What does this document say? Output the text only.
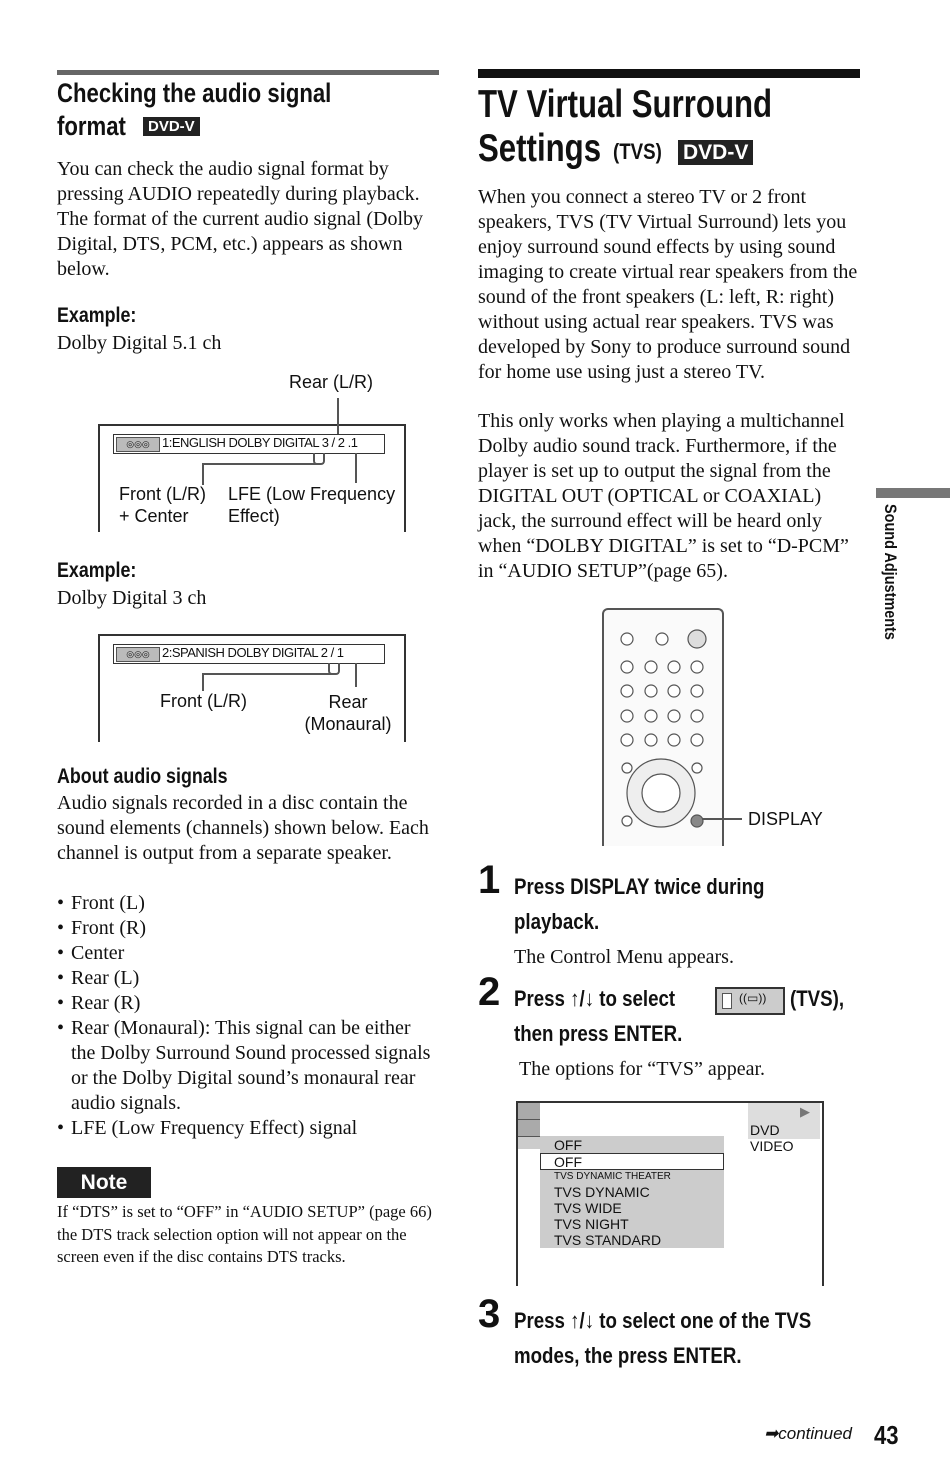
Checking the audio signal
format	DVD-V
You can check the audio signal format by pressing AUDIO repeatedly during playback. The format of the current audio signal (Dolby Digital, DTS, PCM, etc.) appears as shown below.
Example:
Dolby Digital 5.1 ch
Rear (L/R)
◎◎◎ 1:ENGLISH DOLBY DIGITAL 3 / 2 .1
Front (L/R)
+ Center
LFE (Low Frequency
Effect)
Example:
Dolby Digital 3 ch
◎◎◎ 2:SPANISH DOLBY DIGITAL 2 / 1
Front (L/R)	Rear
(Monaural)
About audio signals
Audio signals recorded in a disc contain the sound elements (channels) shown below. Each channel is output from a separate speaker.
• Front (L)
• Front (R)
• Center
• Rear (L)
• Rear (R)
• Rear (Monaural): This signal can be either the Dolby Surround Sound processed signals or the Dolby Digital sound’s monaural rear audio signals.
• LFE (Low Frequency Effect) signal
Note
If “DTS” is set to “OFF” in “AUDIO SETUP” (page 66) the DTS track selection option will not appear on the screen even if the disc contains DTS tracks.
TV Virtual Surround
Settings (TVS) DVD-V
When you connect a stereo TV or 2 front speakers, TVS (TV Virtual Surround) lets you enjoy surround sound effects by using sound imaging to create virtual rear speakers from the sound of the front speakers (L: left, R: right) without using actual rear speakers. TVS was developed by Sony to produce surround sound for home use using just a stereo TV.
This only works when playing a multichannel Dolby audio sound track. Furthermore, if the player is set up to output the signal from the DIGITAL OUT (OPTICAL or COAXIAL) jack, the surround effect will be heard only when “DOLBY DIGITAL” is set to “D-PCM” in “AUDIO SETUP”(page 65).
DISPLAY
1 Press DISPLAY twice during
playback.
The Control Menu appears.
2 Press ↑/↓ to select	((▭)) (TVS),
then press ENTER.
The options for “TVS” appear.
▶
DVD VIDEO
OFF
OFF
TVS DYNAMIC THEATER
TVS DYNAMIC
TVS WIDE
TVS NIGHT
TVS STANDARD
3 Press ↑/↓ to select one of the TVS
modes, the press ENTER.
Sound Adjustments
➡continued 43
